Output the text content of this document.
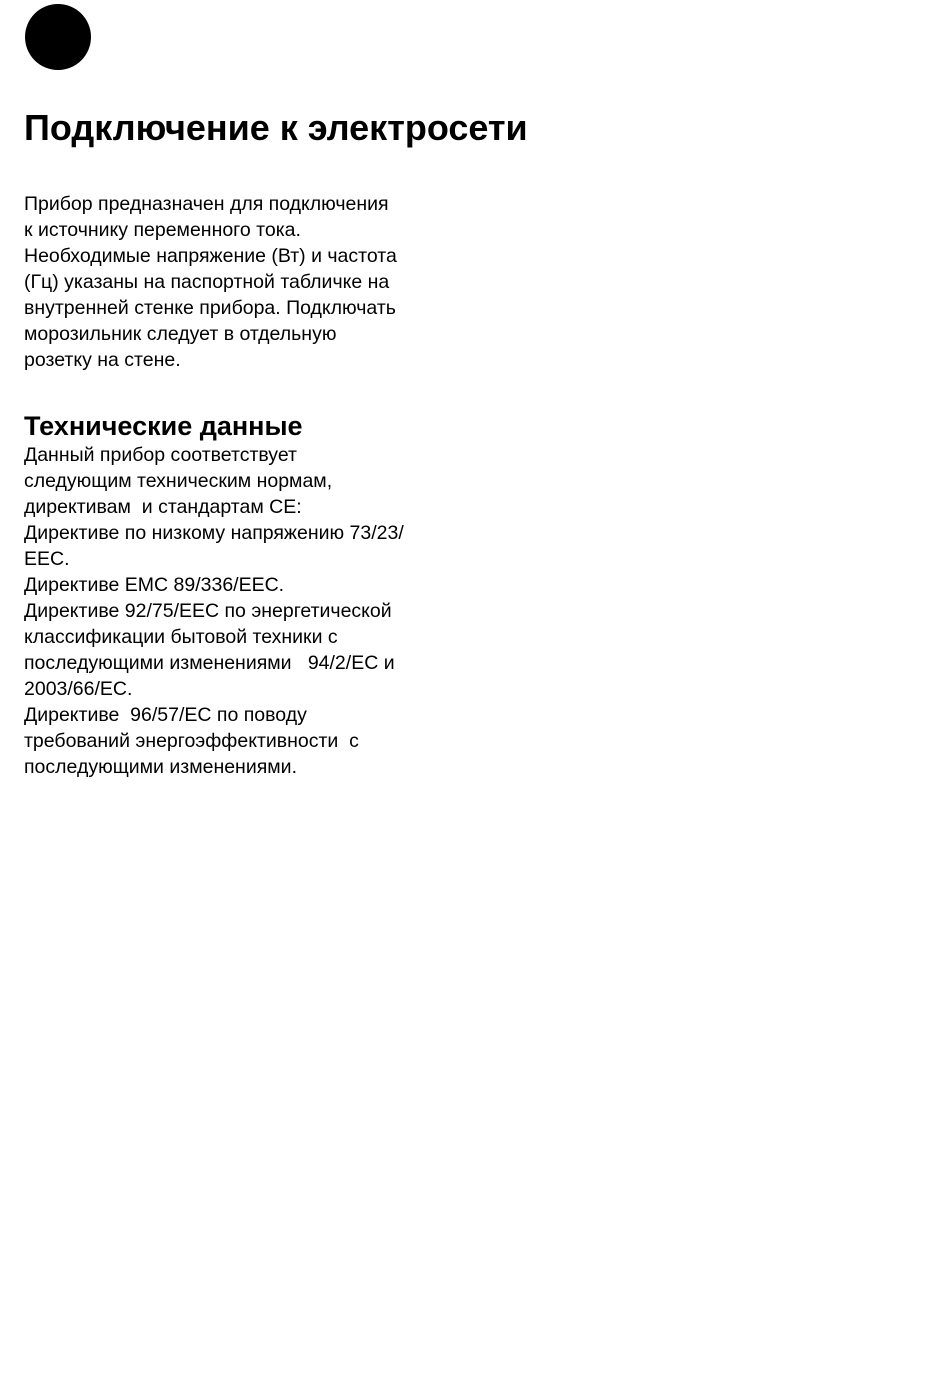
Подключение к электросети

Прибор предназначен для подключения
к источнику переменного тока.
Необходимые напряжение (Вт) и частота
(Гц) указаны на паспортной табличке на
внутренней стенке прибора. Подключать
морозильник следует в отдельную
розетку на стене.

Технические данные

Данный прибор соответствует
следующим техническим нормам,
директивам  и стандартам CE:
Директиве по низкому напряжению 73/23/
EEC.
Директиве EMC 89/336/EEC.
Директиве 92/75/EEC по энергетической
классификации бытовой техники с
последующими изменениями   94/2/EC и
2003/66/EC.
Директиве  96/57/EC по поводу
требований энергоэффективности  с
последующими изменениями.
